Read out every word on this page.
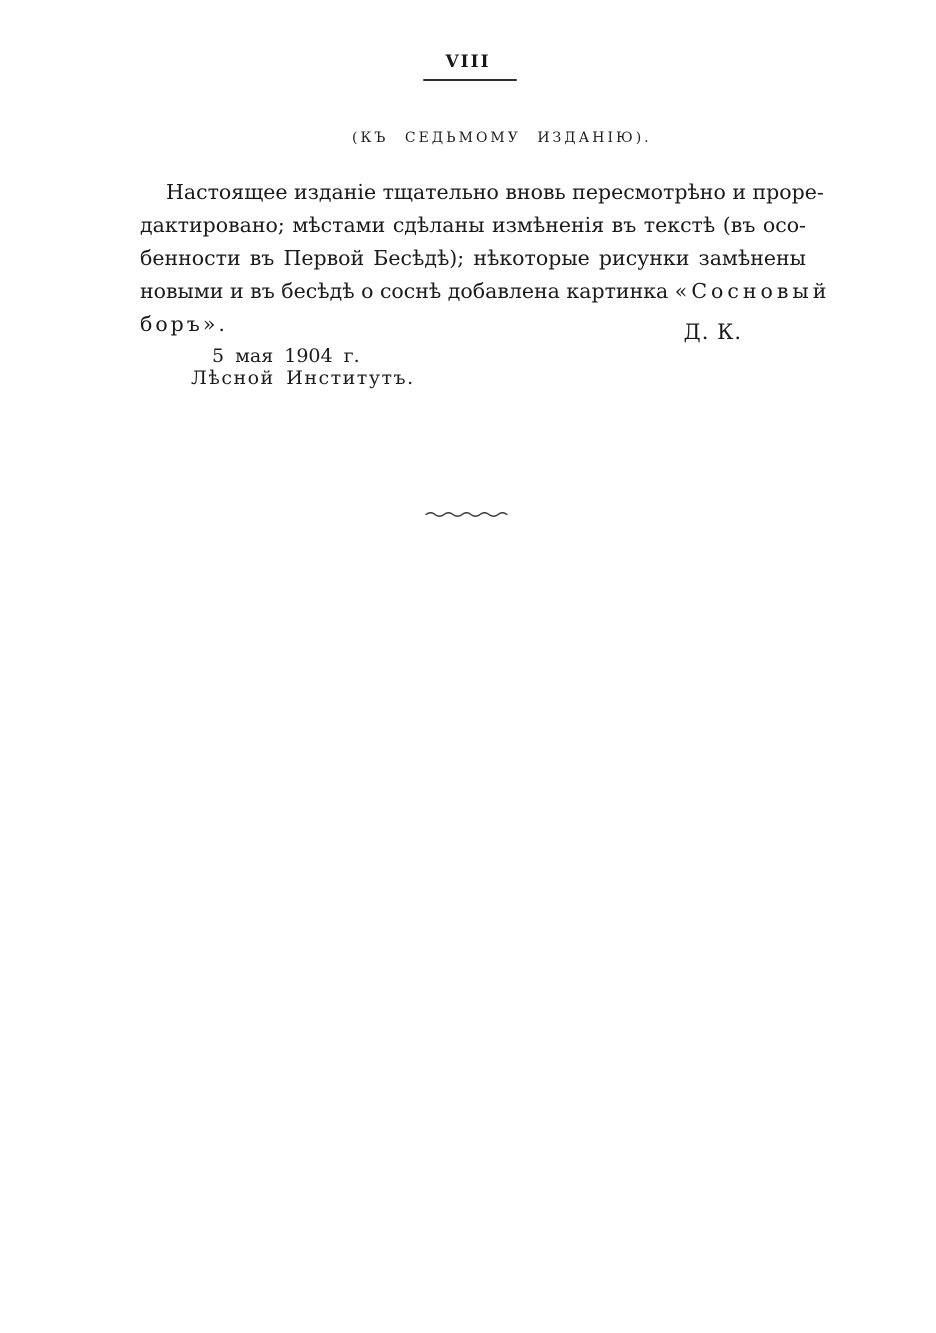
VIII
(КЪ СЕДЬМОМУ ИЗДАНІЮ).
Настоящее изданіе тщательно вновь пересмотрѣно и проре-
дактировано; мѣстами сдѣланы измѣненія въ текстѣ (въ осо-
бенности въ Первой Бесѣдѣ); нѣкоторые рисунки замѣнены
новыми и въ бесѣдѣ о соснѣ добавлена картинка «Сосновый
боръ».	Д. К.
5 мая 1904 г.
Лѣсной Институтъ.
